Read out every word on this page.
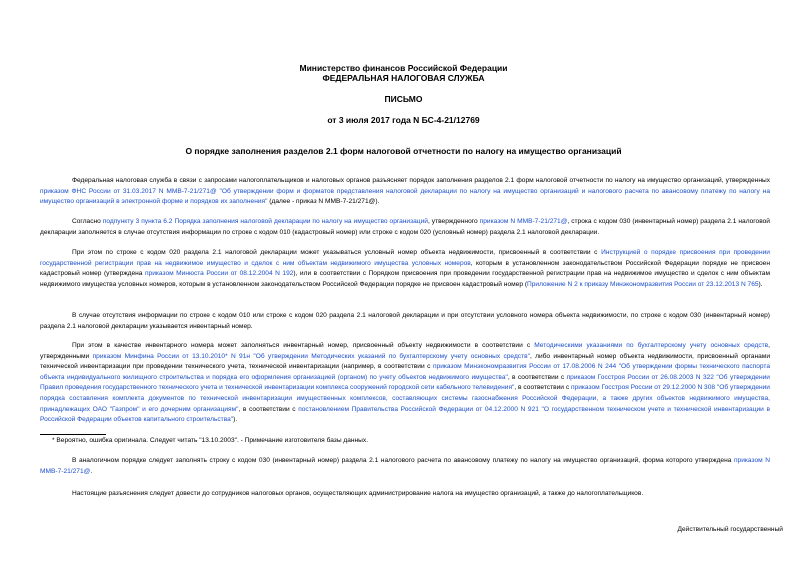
Министерство финансов Российской Федерации
ФЕДЕРАЛЬНАЯ НАЛОГОВАЯ СЛУЖБА
ПИСЬМО
от 3 июля 2017 года N БС-4-21/12769
О порядке заполнения разделов 2.1 форм налоговой отчетности по налогу на имущество организаций

Федеральная налоговая служба в связи с запросами налогоплательщиков и налоговых органов разъясняет порядок заполнения разделов 2.1 форм налоговой отчетности по налогу на имущество организаций, утвержденных приказом ФНС России от 31.03.2017 N ММВ-7-21/271@ "Об утверждении форм и форматов представления налоговой декларации по налогу на имущество организаций и налогового расчета по авансовому платежу по налогу на имущество организаций в электронной форме и порядков их заполнения" (далее - приказ N ММВ-7-21/271@).

Согласно подпункту 3 пункта 6.2 Порядка заполнения налоговой декларации по налогу на имущество организаций, утвержденного приказом N ММВ-7-21/271@, строка с кодом 030 (инвентарный номер) раздела 2.1 налоговой декларации заполняется в случае отсутствия информации по строке с кодом 010 (кадастровый номер) или строке с кодом 020 (условный номер) раздела 2.1 налоговой декларации.

При этом по строке с кодом 020 раздела 2.1 налоговой декларации может указываться условный номер объекта недвижимости, присвоенный в соответствии с Инструкцией о порядке присвоения при проведении государственной регистрации прав на недвижимое имущество и сделок с ним объектам недвижимого имущества условных номеров, которым в установленном законодательством Российской Федерации порядке не присвоен кадастровый номер (утверждена приказом Минюста России от 08.12.2004 N 192), или в соответствии с Порядком присвоения при проведении государственной регистрации прав на недвижимое имущество и сделок с ним объектам недвижимого имущества условных номеров, которым в установленном законодательством Российской Федерации порядке не присвоен кадастровый номер (Приложение N 2 к приказу Минэкономразвития России от 23.12.2013 N 765).

В случае отсутствия информации по строке с кодом 010 или строке с кодом 020 раздела 2.1 налоговой декларации и при отсутствии условного номера объекта недвижимости, по строке с кодом 030 (инвентарный номер) раздела 2.1 налоговой декларации указывается инвентарный номер.

При этом в качестве инвентарного номера может заполняться инвентарный номер, присвоенный объекту недвижимости в соответствии с Методическими указаниями по бухгалтерскому учету основных средств, утвержденными приказом Минфина России от 13.10.2010* N 91н "Об утверждении Методических указаний по бухгалтерскому учету основных средств", либо инвентарный номер объекта недвижимости, присвоенный органами технической инвентаризации при проведении технического учета, технической инвентаризации (например, в соответствии с приказом Минэкономразвития России от 17.08.2006 N 244 "Об утверждении формы технического паспорта объекта индивидуального жилищного строительства и порядка его оформления организацией (органом) по учету объектов недвижимого имущества", в соответствии с приказом Госстроя России от 26.08.2003 N 322 "Об утверждении Правил проведения государственного технического учета и технической инвентаризации комплекса сооружений городской сети кабельного телевидения", в соответствии с приказом Госстроя России от 29.12.2000 N 308 "Об утверждении порядка составления комплекта документов по технической инвентаризации имущественных комплексов, составляющих системы газоснабжения Российской Федерации, а также других объектов недвижимого имущества, принадлежащих ОАО "Газпром" и его дочерним организациям", в соответствии с постановлением Правительства Российской Федерации от 04.12.2000 N 921 "О государственном техническом учете и технической инвентаризации в Российской Федерации объектов капитального строительства").

* Вероятно, ошибка оригинала. Следует читать "13.10.2003". - Примечание изготовителя базы данных.

В аналогичном порядке следует заполнять строку с кодом 030 (инвентарный номер) раздела 2.1 налогового расчета по авансовому платежу по налогу на имущество организаций, форма которого утверждена приказом N ММВ-7-21/271@.

Настоящие разъяснения следует довести до сотрудников налоговых органов, осуществляющих администрирование налога на имущество организаций, а также до налогоплательщиков.

Действительный государственный
